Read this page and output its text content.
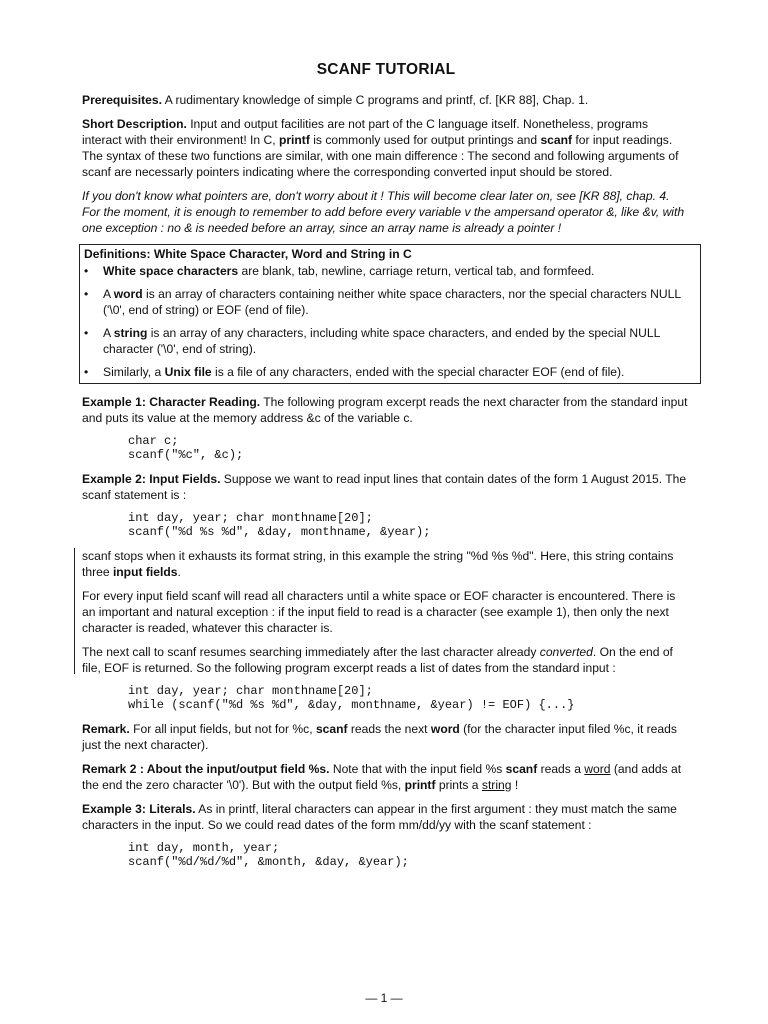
SCANF TUTORIAL

Prerequisites. A rudimentary knowledge of simple C programs and printf, cf. [KR 88], Chap. 1.

Short Description. Input and output facilities are not part of the C language itself. Nonetheless, programs interact with their environment! In C, printf is commonly used for output printings and scanf for input readings. The syntax of these two functions are similar, with one main difference : The second and following arguments of scanf are necessarly pointers indicating where the corresponding converted input should be stored.

If you don't know what pointers are, don't worry about it ! This will become clear later on, see [KR 88], chap. 4. For the moment, it is enough to remember to add before every variable v the ampersand operator &, like &v, with one exception : no & is needed before an array, since an array name is already a pointer !

Definitions: White Space Character, Word and String in C
• White space characters are blank, tab, newline, carriage return, vertical tab, and formfeed.
• A word is an array of characters containing neither white space characters, nor the special characters NULL ('\0', end of string) or EOF (end of file).
• A string is an array of any characters, including white space characters, and ended by the special NULL character ('\0', end of string).
• Similarly, a Unix file is a file of any characters, ended with the special character EOF (end of file).

Example 1: Character Reading. The following program excerpt reads the next character from the standard input and puts its value at the memory address &c of the variable c.

char c;
scanf("%c", &c);

Example 2: Input Fields. Suppose we want to read input lines that contain dates of the form 1 August 2015. The scanf statement is :

int day, year; char monthname[20];
scanf("%d %s %d", &day, monthname, &year);

scanf stops when it exhausts its format string, in this example the string "%d %s %d". Here, this string contains three input fields.

For every input field scanf will read all characters until a white space or EOF character is encountered. There is an important and natural exception : if the input field to read is a character (see example 1), then only the next character is readed, whatever this character is.

The next call to scanf resumes searching immediately after the last character already converted. On the end of file, EOF is returned. So the following program excerpt reads a list of dates from the standard input :

int day, year; char monthname[20];
while (scanf("%d %s %d", &day, monthname, &year) != EOF) {...}

Remark. For all input fields, but not for %c, scanf reads the next word (for the character input filed %c, it reads just the next character).

Remark 2 : About the input/output field %s. Note that with the input field %s scanf reads a word (and adds at the end the zero character '\0'). But with the output field %s, printf prints a string !

Example 3: Literals. As in printf, literal characters can appear in the first argument : they must match the same characters in the input. So we could read dates of the form mm/dd/yy with the scanf statement :

int day, month, year;
scanf("%d/%d/%d", &month, &day, &year);
— 1 —
